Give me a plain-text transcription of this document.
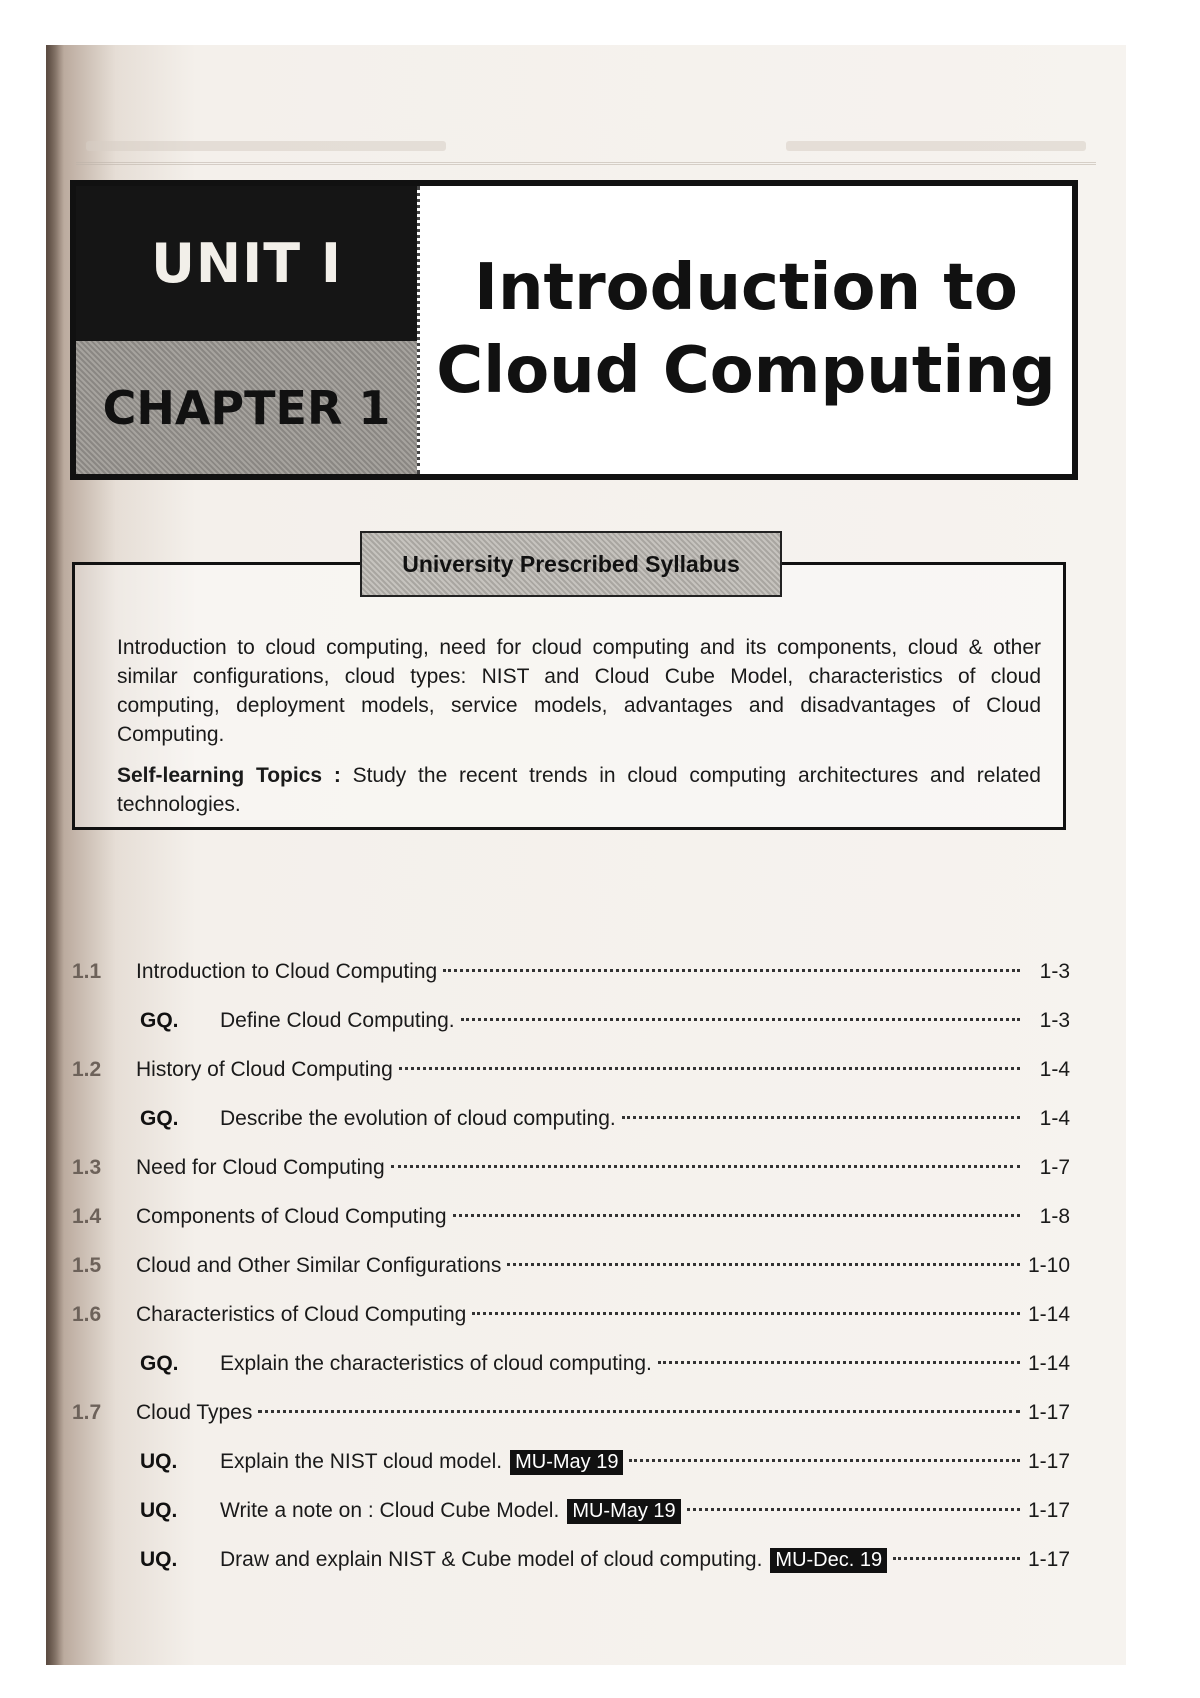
UNIT I
CHAPTER 1
Introduction to
Cloud Computing
University Prescribed Syllabus

Introduction to cloud computing, need for cloud computing and its components, cloud & other similar configurations, cloud types: NIST and Cloud Cube Model, characteristics of cloud computing, deployment models, service models, advantages and disadvantages of Cloud Computing.

Self-learning Topics : Study the recent trends in cloud computing architectures and related technologies.

1.1	Introduction to Cloud Computing	1-3
GQ.	Define Cloud Computing.	1-3
1.2	History of Cloud Computing	1-4
GQ.	Describe the evolution of cloud computing.	1-4
1.3	Need for Cloud Computing	1-7
1.4	Components of Cloud Computing	1-8
1.5	Cloud and Other Similar Configurations	1-10
1.6	Characteristics of Cloud Computing	1-14
GQ.	Explain the characteristics of cloud computing.	1-14
1.7	Cloud Types	1-17
UQ.	Explain the NIST cloud model. MU-May 19	1-17
UQ.	Write a note on : Cloud Cube Model. MU-May 19	1-17
UQ.	Draw and explain NIST & Cube model of cloud computing. MU-Dec. 19	1-17
